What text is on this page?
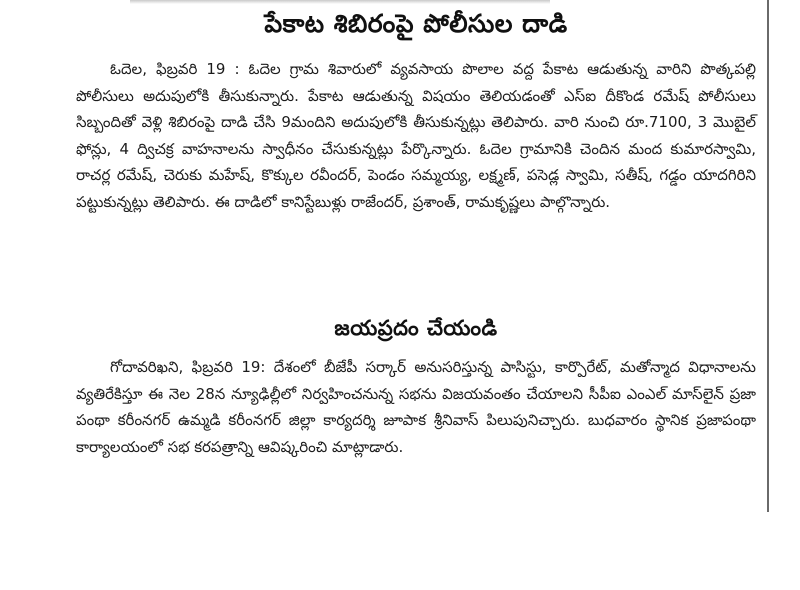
పేకాట శిబిరంపై పోలీసుల దాడి

ఓదెల, ఫిబ్రవరి 19 : ఓదెల గ్రామ శివారులో వ్యవసాయ పొలాల వద్ద పేకాట ఆడుతున్న వారిని పొత్కపల్లి పోలీసులు అదుపులోకి తీసుకున్నారు. పేకాట ఆడుతున్న విషయం తెలియడంతో ఎస్ఐ దీకొండ రమేష్ పోలీసులు సిబ్బందితో వెళ్లి శిబిరంపై దాడి చేసి 9మందిని అదుపులోకి తీసుకున్నట్లు తెలిపారు. వారి నుంచి రూ.7100, 3 మొబైల్ ఫోన్లు, 4 ద్విచక్ర వాహనాలను స్వాధీనం చేసుకున్నట్లు పేర్కొన్నారు. ఓదెల గ్రామానికి చెందిన మంద కుమారస్వామి, రాచర్ల రమేష్, చెరుకు మహేష్, కొక్కుల రవీందర్, పెండం సమ్మయ్య, లక్ష్మణ్, పసెడ్ల స్వామి, సతీష్, గడ్డం యాదగిరిని పట్టుకున్నట్లు తెలిపారు. ఈ దాడిలో కానిస్టేబుళ్లు రాజేందర్, ప్రశాంత్, రామకృష్ణలు పాల్గొన్నారు.

జయప్రదం చేయండి

గోదావరిఖని, ఫిబ్రవరి 19: దేశంలో బీజేపీ సర్కార్ అనుసరిస్తున్న పాసిస్టు, కార్పొరేట్, మతోన్మాద విధానాలను వ్యతిరేకిస్తూ ఈ నెల 28న న్యూఢిల్లీలో నిర్వహించనున్న సభను విజయవంతం చేయాలని సీపీఐ ఎంఎల్ మాస్‌లైన్ ప్రజా పంథా కరీంనగర్ ఉమ్మడి కరీంనగర్ జిల్లా కార్యదర్శి జూపాక శ్రీనివాస్ పిలుపునిచ్చారు. బుధవారం స్థానిక ప్రజాపంథా కార్యాలయంలో సభ కరపత్రాన్ని ఆవిష్కరించి మాట్లాడారు.
